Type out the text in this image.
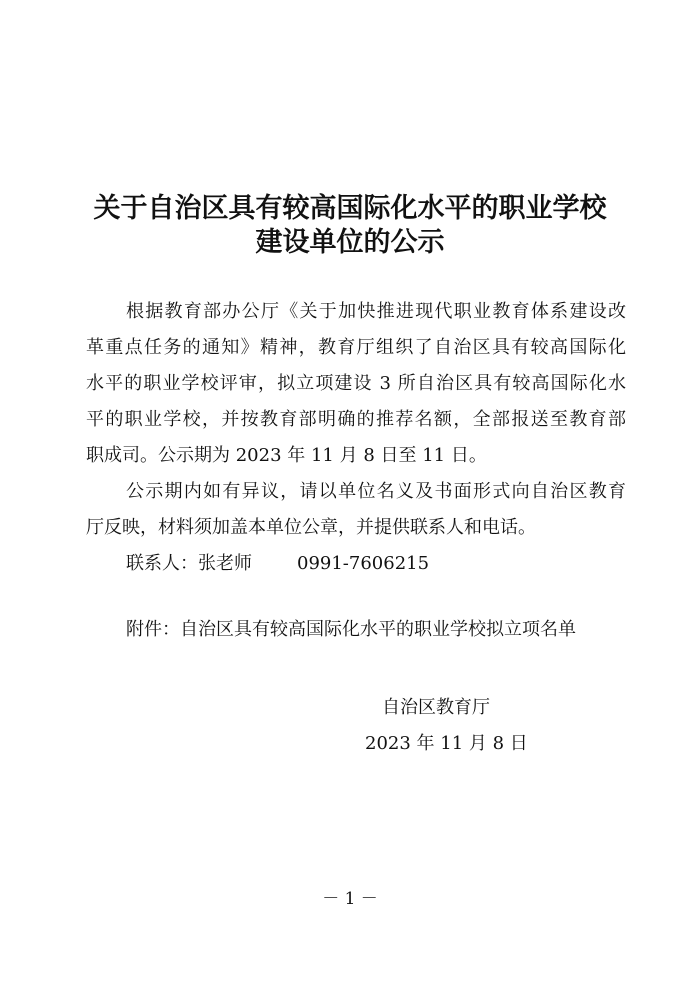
关于自治区具有较高国际化水平的职业学校
建设单位的公示
根据教育部办公厅《关于加快推进现代职业教育体系建设改
革重点任务的通知》精神，教育厅组织了自治区具有较高国际化
水平的职业学校评审，拟立项建设 3 所自治区具有较高国际化水
平的职业学校，并按教育部明确的推荐名额，全部报送至教育部
职成司。公示期为 2023 年 11 月 8 日至 11 日。
公示期内如有异议，请以单位名义及书面形式向自治区教育
厅反映，材料须加盖本单位公章，并提供联系人和电话。
联系人：张老师	0991-7606215
附件：自治区具有较高国际化水平的职业学校拟立项名单
自治区教育厅
2023 年 11 月 8 日
－ 1 －
